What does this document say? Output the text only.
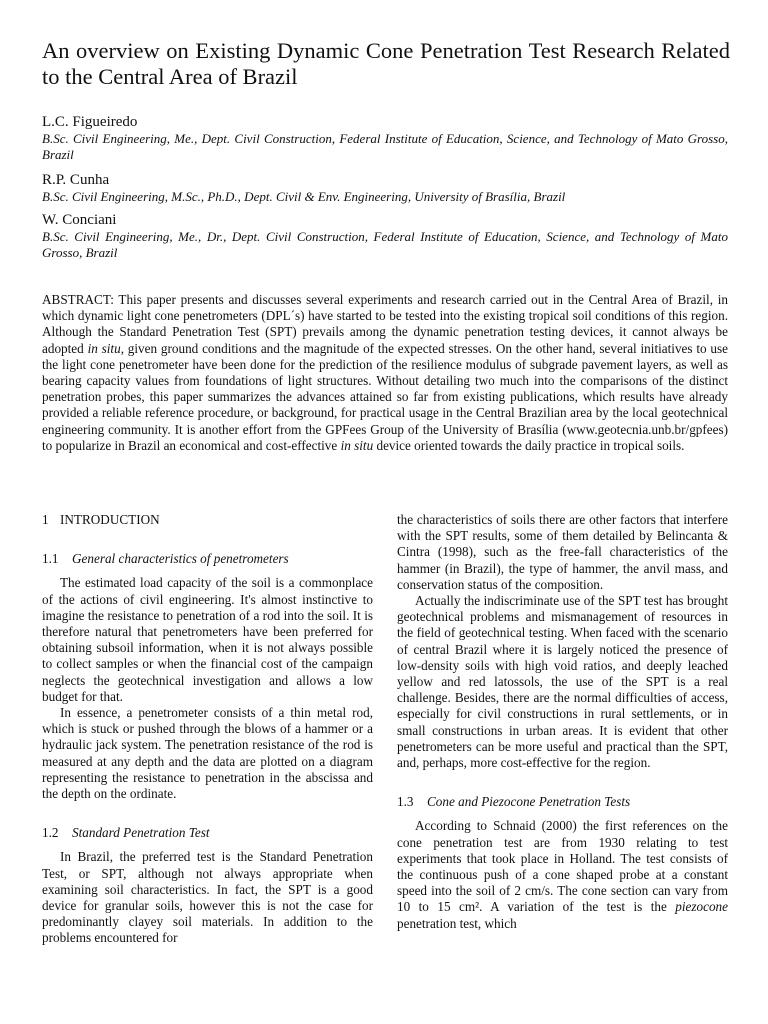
An overview on Existing Dynamic Cone Penetration Test Research Related to the Central Area of Brazil
L.C. Figueiredo
B.Sc. Civil Engineering, Me., Dept. Civil Construction, Federal Institute of Education, Science, and Technology of Mato Grosso, Brazil
R.P. Cunha
B.Sc. Civil Engineering, M.Sc., Ph.D., Dept. Civil & Env. Engineering, University of Brasília, Brazil
W. Conciani
B.Sc. Civil Engineering, Me., Dr., Dept. Civil Construction, Federal Institute of Education, Science, and Technology of Mato Grosso, Brazil

ABSTRACT: This paper presents and discusses several experiments and research carried out in the Central Area of Brazil, in which dynamic light cone penetrometers (DPL´s) have started to be tested into the existing tropical soil conditions of this region. Although the Standard Penetration Test (SPT) prevails among the dynamic penetration testing devices, it cannot always be adopted in situ, given ground conditions and the magnitude of the expected stresses. On the other hand, several initiatives to use the light cone penetrometer have been done for the prediction of the resilience modulus of subgrade pavement layers, as well as bearing capacity values from foundations of light structures. Without detailing two much into the comparisons of the distinct penetration probes, this paper summarizes the advances attained so far from existing publications, which results have already provided a reliable reference procedure, or background, for practical usage in the Central Brazilian area by the local geotechnical engineering community. It is another effort from the GPFees Group of the University of Brasília (www.geotecnia.unb.br/gpfees) to popularize in Brazil an economical and cost-effective in situ device oriented towards the daily practice in tropical soils.

1 INTRODUCTION
1.1 General characteristics of penetrometers

The estimated load capacity of the soil is a commonplace of the actions of civil engineering. It's almost instinctive to imagine the resistance to penetration of a rod into the soil. It is therefore natural that penetrometers have been preferred for obtaining subsoil information, when it is not always possible to collect samples or when the financial cost of the campaign neglects the geotechnical investigation and allows a low budget for that.

In essence, a penetrometer consists of a thin metal rod, which is stuck or pushed through the blows of a hammer or a hydraulic jack system. The penetration resistance of the rod is measured at any depth and the data are plotted on a diagram representing the resistance to penetration in the abscissa and the depth on the ordinate.

1.2 Standard Penetration Test

In Brazil, the preferred test is the Standard Penetration Test, or SPT, although not always appropriate when examining soil characteristics. In fact, the SPT is a good device for granular soils, however this is not the case for predominantly clayey soil materials. In addition to the problems encountered for

the characteristics of soils there are other factors that interfere with the SPT results, some of them detailed by Belincanta & Cintra (1998), such as the free-fall characteristics of the hammer (in Brazil), the type of hammer, the anvil mass, and conservation status of the composition.

Actually the indiscriminate use of the SPT test has brought geotechnical problems and mismanagement of resources in the field of geotechnical testing. When faced with the scenario of central Brazil where it is largely noticed the presence of low-density soils with high void ratios, and deeply leached yellow and red latossols, the use of the SPT is a real challenge. Besides, there are the normal difficulties of access, especially for civil constructions in rural settlements, or in small constructions in urban areas. It is evident that other penetrometers can be more useful and practical than the SPT, and, perhaps, more cost-effective for the region.

1.3 Cone and Piezocone Penetration Tests

According to Schnaid (2000) the first references on the cone penetration test are from 1930 relating to test experiments that took place in Holland. The test consists of the continuous push of a cone shaped probe at a constant speed into the soil of 2 cm/s. The cone section can vary from 10 to 15 cm². A variation of the test is the piezocone penetration test, which
